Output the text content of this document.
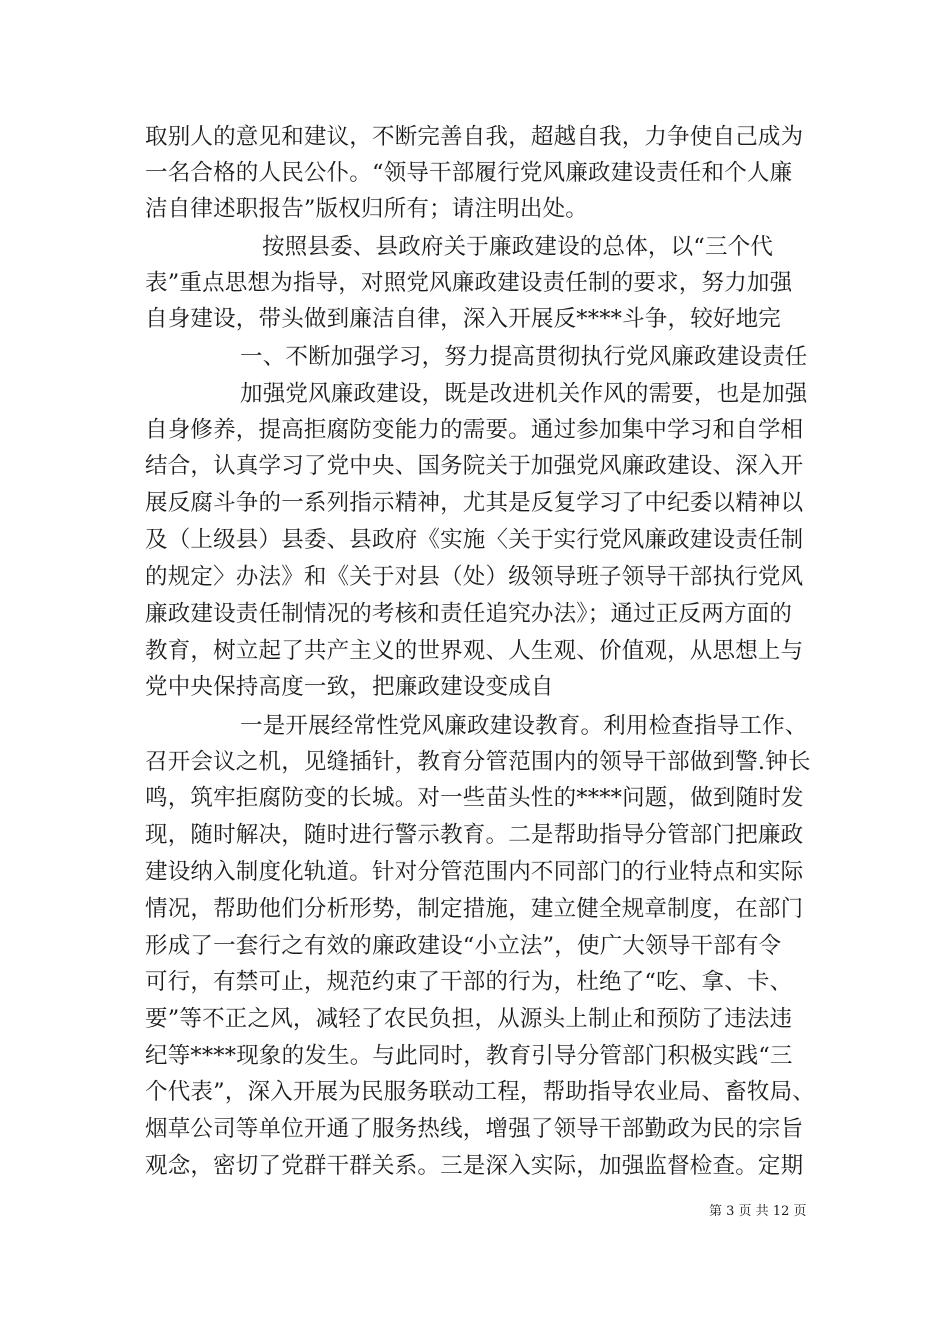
取别人的意见和建议，不断完善自我，超越自我，力争使自己成为
一名合格的人民公仆。“领导干部履行党风廉政建设责任和个人廉
洁自律述职报告”版权归所有；请注明出处。
按照县委、县政府关于廉政建设的总体，以“三个代
表”重点思想为指导，对照党风廉政建设责任制的要求，努力加强
自身建设，带头做到廉洁自律，深入开展反****斗争，较好地完
一、不断加强学习，努力提高贯彻执行党风廉政建设责任
加强党风廉政建设，既是改进机关作风的需要，也是加强
自身修养，提高拒腐防变能力的需要。通过参加集中学习和自学相
结合，认真学习了党中央、国务院关于加强党风廉政建设、深入开
展反腐斗争的一系列指示精神，尤其是反复学习了中纪委以精神以
及（上级县）县委、县政府《实施〈关于实行党风廉政建设责任制
的规定〉办法》和《关于对县（处）级领导班子领导干部执行党风
廉政建设责任制情况的考核和责任追究办法》；通过正反两方面的
教育，树立起了共产主义的世界观、人生观、价值观，从思想上与
党中央保持高度一致，把廉政建设变成自
一是开展经常性党风廉政建设教育。利用检查指导工作、
召开会议之机，见缝插针，教育分管范围内的领导干部做到警.钟长
鸣，筑牢拒腐防变的长城。对一些苗头性的****问题，做到随时发
现，随时解决，随时进行警示教育。二是帮助指导分管部门把廉政
建设纳入制度化轨道。针对分管范围内不同部门的行业特点和实际
情况，帮助他们分析形势，制定措施，建立健全规章制度，在部门
形成了一套行之有效的廉政建设“小立法”，使广大领导干部有令
可行，有禁可止，规范约束了干部的行为，杜绝了“吃、拿、卡、
要”等不正之风，减轻了农民负担，从源头上制止和预防了违法违
纪等****现象的发生。与此同时，教育引导分管部门积极实践“三
个代表”，深入开展为民服务联动工程，帮助指导农业局、畜牧局、
烟草公司等单位开通了服务热线，增强了领导干部勤政为民的宗旨
观念，密切了党群干群关系。三是深入实际，加强监督检查。定期
第 3 页 共 12 页
